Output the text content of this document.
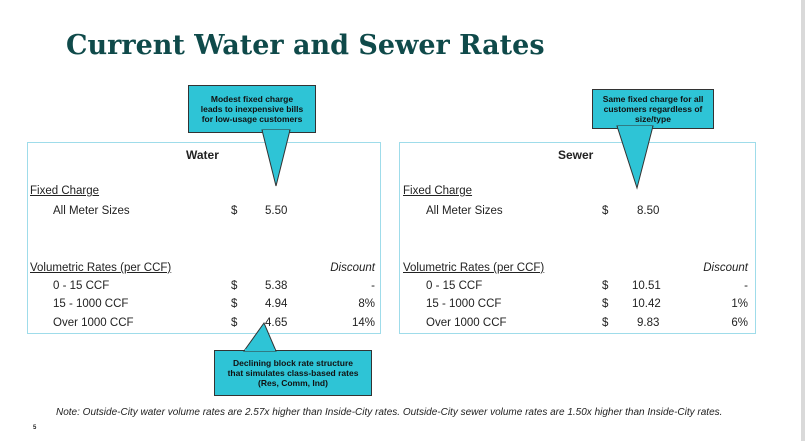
Current Water and Sewer Rates
Water
Fixed Charge
All Meter Sizes	$ 5.50
Volumetric Rates (per CCF)	Discount
0 - 15 CCF	$ 5.38	-
15 - 1000 CCF	$ 4.94	8%
Over 1000 CCF	$ 4.65	14%
Sewer
Fixed Charge
All Meter Sizes	$ 8.50
Volumetric Rates (per CCF)	Discount
0 - 15 CCF	$ 10.51	-
15 - 1000 CCF	$ 10.42	1%
Over 1000 CCF	$ 9.83	6%
Modest fixed charge
leads to inexpensive bills
for low-usage customers
Same fixed charge for all
customers regardless of
size/type
Declining block rate structure
that simulates class-based rates
(Res, Comm, Ind)
Note: Outside-City water volume rates are 2.57x higher than Inside-City rates. Outside-City sewer volume rates are 1.50x higher than Inside-City rates.
5
